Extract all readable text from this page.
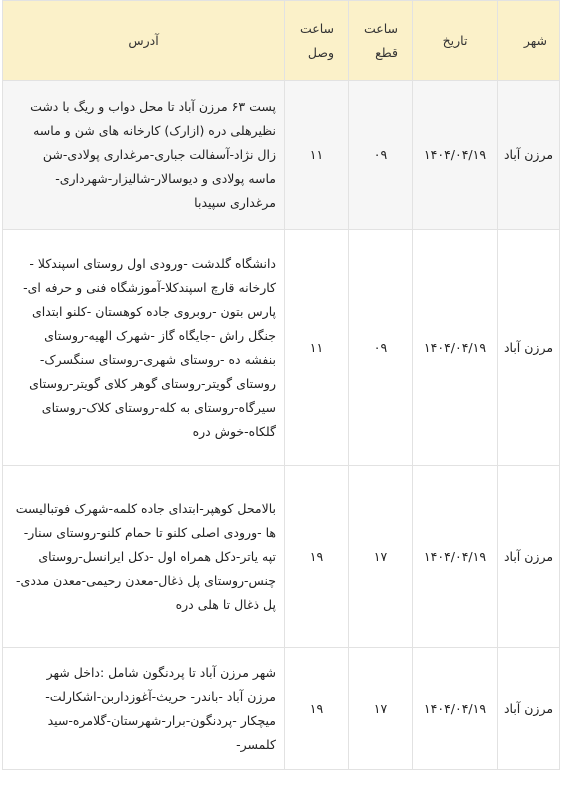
شهر	تاریخ	ساعت قطع	ساعت وصل	آدرس
مرزن آباد	۱۴۰۴/۰۴/۱۹	۰۹	۱۱	پست ۶۳ مرزن آباد تا محل دواب و ریگ با دشت نظیرهلی دره (ازارک) کارخانه های شن و ماسه زال نژاد-آسفالت جباری-مرغداری پولادی-شن ماسه پولادی و دیوسالار-شالیزار-شهرداری-مرغداری سپیدبا
مرزن آباد	۱۴۰۴/۰۴/۱۹	۰۹	۱۱	دانشگاه گلدشت -ورودی اول روستای اسپندکلا - کارخانه قارچ اسپندکلا-آموزشگاه فنی و حرفه ای-پارس بتون -روبروی جاده کوهستان -کلنو ابتدای جنگل راش -جایگاه گاز -شهرک الهیه-روستای بنفشه ده -روستای شهری-روستای سنگسرک-روستای گویتر-روستای گوهر کلای گویتر-روستای سیرگاه-روستای به کله-روستای کلاک-روستای گلکاه-خوش دره
مرزن آباد	۱۴۰۴/۰۴/۱۹	۱۷	۱۹	بالامحل کوهپر-ابتدای جاده کلمه-شهرک فوتبالیست ها -ورودی اصلی کلنو تا حمام کلنو-روستای سنار-تپه یاتر-دکل همراه اول -دکل ایرانسل-روستای چنس-روستای پل ذغال-معدن رحیمی-معدن مددی-پل ذغال تا هلی دره
مرزن آباد	۱۴۰۴/۰۴/۱۹	۱۷	۱۹	شهر مرزن آباد تا پردنگون شامل :داخل شهر مرزن آباد -باندر- حریث-آغوزداربن-اشکارلت-میچکار -پردنگون-برار-شهرستان-گلامره-سید کلمسر-
